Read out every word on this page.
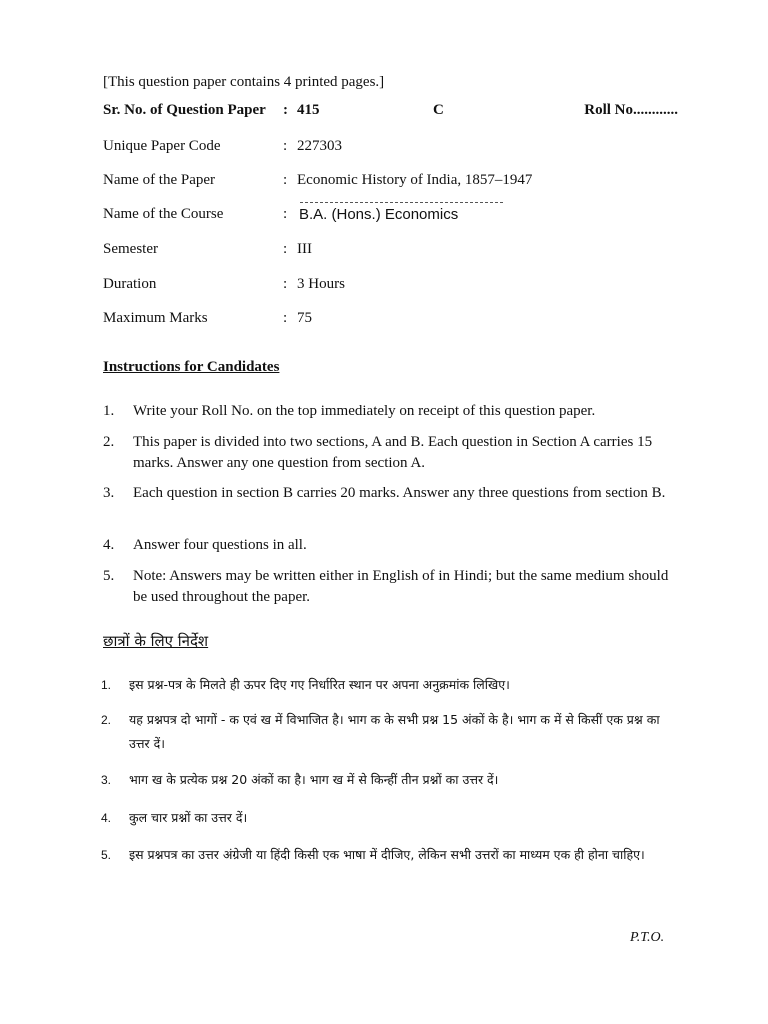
[This question paper contains 4 printed pages.]
Sr. No. of Question Paper : 415	C	Roll No............
Unique Paper Code	: 227303
Name of the Paper	: Economic History of India, 1857–1947
Name of the Course	: B.A. (Hons.) Economics
Semester	: III
Duration	: 3 Hours
Maximum Marks	: 75
Instructions for Candidates
1.	Write your Roll No. on the top immediately on receipt of this question paper.
2.	This paper is divided into two sections, A and B. Each question in Section A carries 15 marks. Answer any one question from section A.
3.	Each question in section B carries 20 marks. Answer any three questions from section B.
4.	Answer four questions in all.
5.	Note: Answers may be written either in English of in Hindi; but the same medium should be used throughout the paper.
छात्रों के लिए निर्देश
1.	इस प्रश्न-पत्र के मिलते ही ऊपर दिए गए निर्धारित स्थान पर अपना अनुक्रमांक लिखिए।
2.	यह प्रश्नपत्र दो भागों - क एवं ख में विभाजित है। भाग क के सभी प्रश्न 15 अंकों के है। भाग क में से किसीं एक प्रश्न का उत्तर दें।
3.	भाग ख के प्रत्येक प्रश्न 20 अंकों का है। भाग ख में से किन्हीं तीन प्रश्नों का उत्तर दें।
4.	कुल चार प्रश्नों का उत्तर दें।
5.	इस प्रश्नपत्र का उत्तर अंग्रेजी या हिंदी किसी एक भाषा में दीजिए, लेकिन सभी उत्तरों का माध्यम एक ही होना चाहिए।
P.T.O.
